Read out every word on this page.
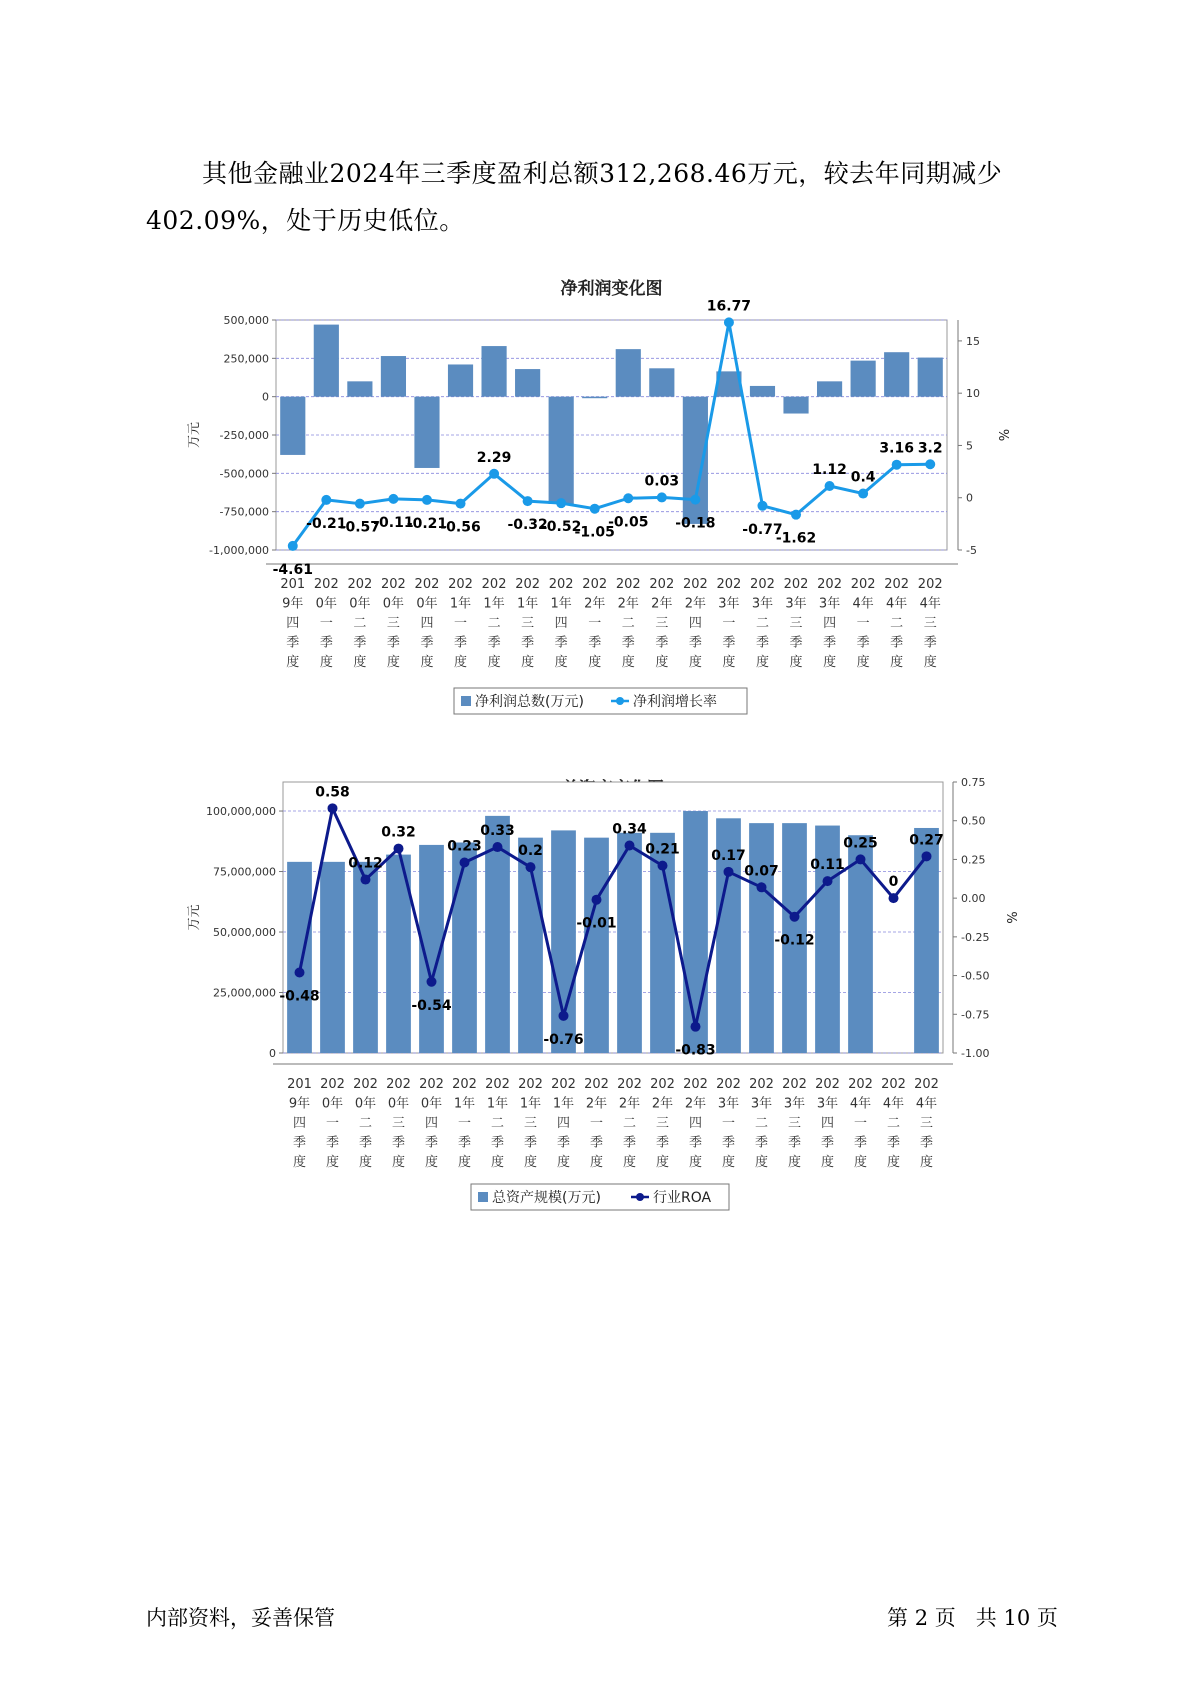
其他金融业2024年三季度盈利总额312,268.46万元，较去年同期减少402.09%，处于历史低位。

净利润变化图
500,000
250,000
0
-250,000
-500,000
-750,000
-1,000,000
15
10
5
0
-5
万元	%
201
9年
四
季
度
202
0年
一
季
度
202
0年
二
季
度
202
0年
三
季
度
202
0年
四
季
度
202
1年
一
季
度
202
1年
二
季
度
202
1年
三
季
度
202
1年
四
季
度
202
2年
一
季
度
202
2年
二
季
度
202
2年
三
季
度
202
2年
四
季
度
202
3年
一
季
度
202
3年
二
季
度
202
3年
三
季
度
202
3年
四
季
度
202
4年
一
季
度
202
4年
二
季
度
202
4年
三
季
度
-4.61
-0.21
-0.57
-0.11
-0.21
-0.56
2.29
-0.32
-0.52
-1.05
-0.05
0.03
-0.18
16.77
-0.77
-1.62
1.12 0.4
3.16 3.2
净利润总数(万元)	净利润增长率
100,000,000
75,000,000
50,000,000
25,000,000
0
0.75
0.50
0.25
0.00
-0.25
-0.50
-0.75
-1.00
万元	%
201
9年
四
季
度
202
0年
一
季
度
202
0年
二
季
度
202
0年
三
季
度
202
0年
四
季
度
202
1年
一
季
度
202
1年
二
季
度
202
1年
三
季
度
202
1年
四
季
度
202
2年
一
季
度
202
2年
二
季
度
202
2年
三
季
度
202
2年
四
季
度
202
3年
一
季
度
202
3年
二
季
度
202
3年
三
季
度
202
3年
四
季
度
202
4年
一
季
度
202
4年
二
季
度
202
4年
三
季
度
-0.48
0.58
0.12
0.32
-0.54
0.23
0.33
0.2
-0.76
-0.01
0.34
0.21
-0.83
0.17
0.07
-0.12
0.11
0.25
0
0.27
总资产规模(万元)	行业ROA
内部资料，妥善保管	第 2 页 共 10 页
